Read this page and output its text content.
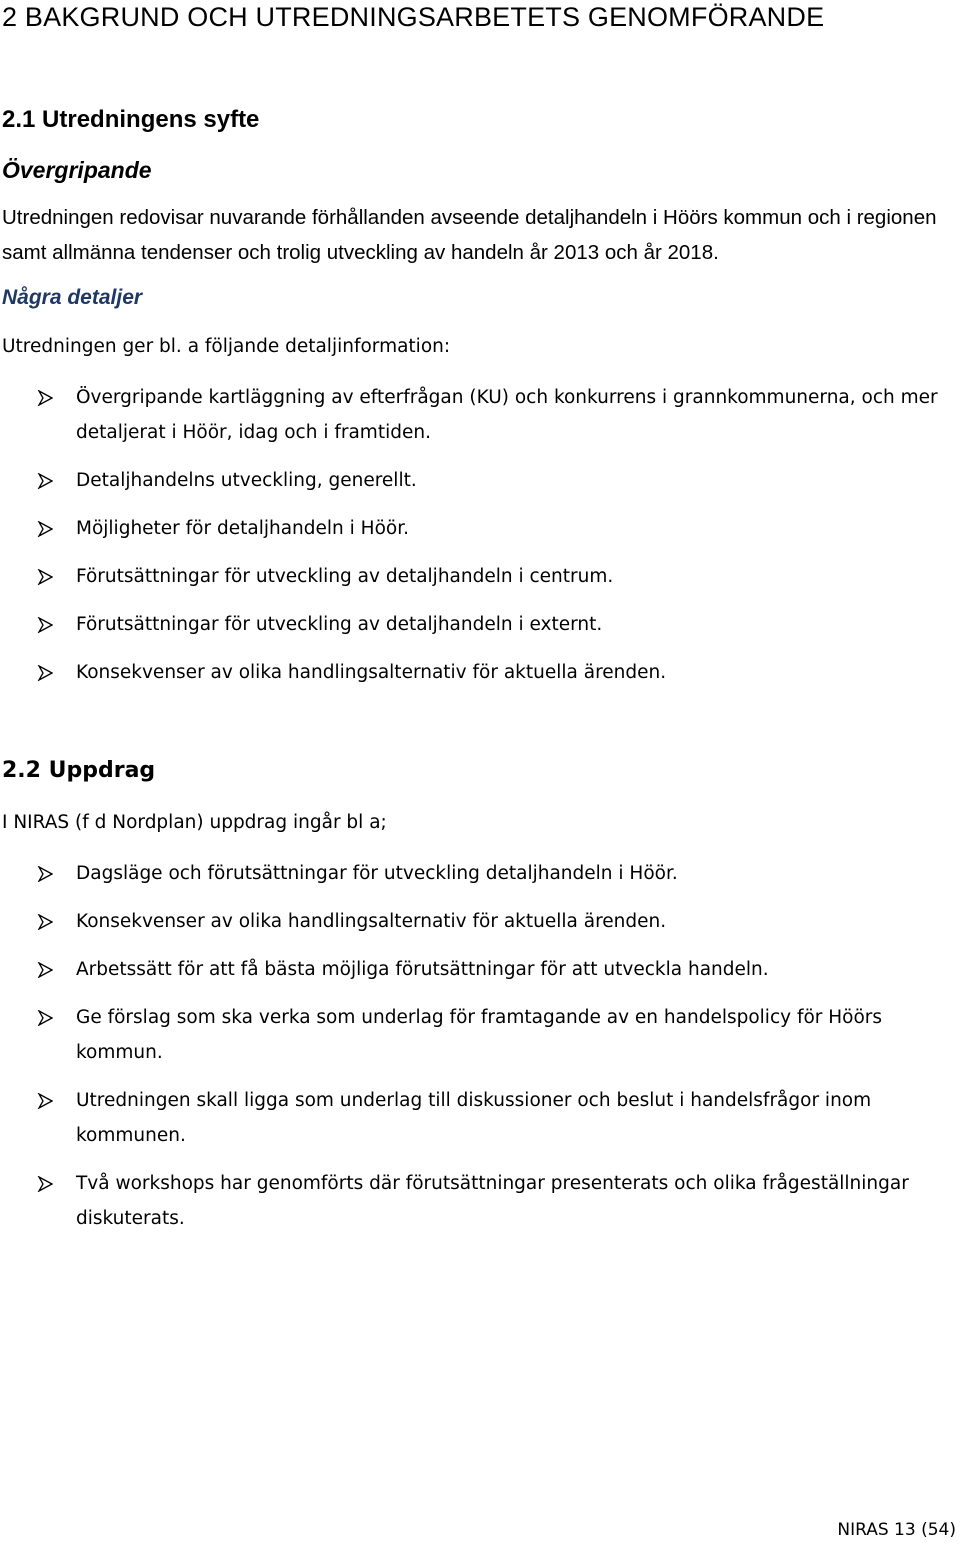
2 BAKGRUND OCH UTREDNINGSARBETETS GENOMFÖRANDE
2.1 Utredningens syfte
Övergripande
Utredningen redovisar nuvarande förhållanden avseende detaljhandeln i Höörs kommun och i regionen samt allmänna tendenser och trolig utveckling av handeln år 2013 och år 2018.
Några detaljer
Utredningen ger bl. a följande detaljinformation:
Övergripande kartläggning av efterfrågan (KU) och konkurrens i grannkommunerna, och mer detaljerat i Höör, idag och i framtiden.
Detaljhandelns utveckling, generellt.
Möjligheter för detaljhandeln i Höör.
Förutsättningar för utveckling av detaljhandeln i centrum.
Förutsättningar för utveckling av detaljhandeln i externt.
Konsekvenser av olika handlingsalternativ för aktuella ärenden.
2.2 Uppdrag
I NIRAS (f d Nordplan) uppdrag ingår bl a;
Dagsläge och förutsättningar för utveckling detaljhandeln i Höör.
Konsekvenser av olika handlingsalternativ för aktuella ärenden.
Arbetssätt för att få bästa möjliga förutsättningar för att utveckla handeln.
Ge förslag som ska verka som underlag för framtagande av en handelspolicy för Höörs kommun.
Utredningen skall ligga som underlag till diskussioner och beslut i handelsfrågor inom kommunen.
Två workshops har genomförts där förutsättningar presenterats och olika frågeställningar diskuterats.
NIRAS 13 (54)
